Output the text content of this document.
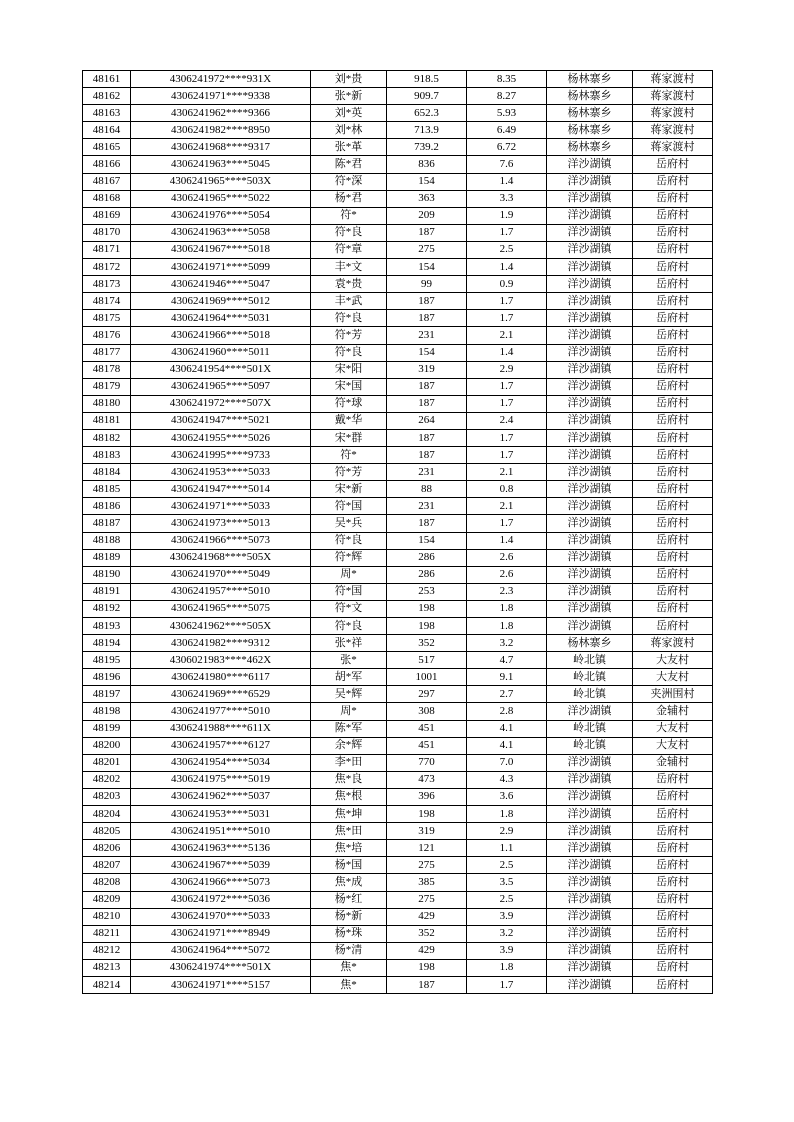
48161	4306241972****931X	刘*贵	918.5	8.35	杨林寨乡	蒋家渡村
48162	4306241971****9338	张*新	909.7	8.27	杨林寨乡	蒋家渡村
48163	4306241962****9366	刘*英	652.3	5.93	杨林寨乡	蒋家渡村
48164	4306241982****8950	刘*林	713.9	6.49	杨林寨乡	蒋家渡村
48165	4306241968****9317	张*革	739.2	6.72	杨林寨乡	蒋家渡村
48166	4306241963****5045	陈*君	836	7.6	洋沙湖镇	岳府村
48167	4306241965****503X	符*深	154	1.4	洋沙湖镇	岳府村
48168	4306241965****5022	杨*君	363	3.3	洋沙湖镇	岳府村
48169	4306241976****5054	符*	209	1.9	洋沙湖镇	岳府村
48170	4306241963****5058	符*良	187	1.7	洋沙湖镇	岳府村
48171	4306241967****5018	符*章	275	2.5	洋沙湖镇	岳府村
48172	4306241971****5099	丰*文	154	1.4	洋沙湖镇	岳府村
48173	4306241946****5047	袁*贵	99	0.9	洋沙湖镇	岳府村
48174	4306241969****5012	丰*武	187	1.7	洋沙湖镇	岳府村
48175	4306241964****5031	符*良	187	1.7	洋沙湖镇	岳府村
48176	4306241966****5018	符*芳	231	2.1	洋沙湖镇	岳府村
48177	4306241960****5011	符*良	154	1.4	洋沙湖镇	岳府村
48178	4306241954****501X	宋*阳	319	2.9	洋沙湖镇	岳府村
48179	4306241965****5097	宋*国	187	1.7	洋沙湖镇	岳府村
48180	4306241972****507X	符*球	187	1.7	洋沙湖镇	岳府村
48181	4306241947****5021	戴*华	264	2.4	洋沙湖镇	岳府村
48182	4306241955****5026	宋*群	187	1.7	洋沙湖镇	岳府村
48183	4306241995****9733	符*	187	1.7	洋沙湖镇	岳府村
48184	4306241953****5033	符*芳	231	2.1	洋沙湖镇	岳府村
48185	4306241947****5014	宋*新	88	0.8	洋沙湖镇	岳府村
48186	4306241971****5033	符*国	231	2.1	洋沙湖镇	岳府村
48187	4306241973****5013	吴*兵	187	1.7	洋沙湖镇	岳府村
48188	4306241966****5073	符*良	154	1.4	洋沙湖镇	岳府村
48189	4306241968****505X	符*辉	286	2.6	洋沙湖镇	岳府村
48190	4306241970****5049	周*	286	2.6	洋沙湖镇	岳府村
48191	4306241957****5010	符*国	253	2.3	洋沙湖镇	岳府村
48192	4306241965****5075	符*文	198	1.8	洋沙湖镇	岳府村
48193	4306241962****505X	符*良	198	1.8	洋沙湖镇	岳府村
48194	4306241982****9312	张*祥	352	3.2	杨林寨乡	蒋家渡村
48195	4306021983****462X	张*	517	4.7	岭北镇	大友村
48196	4306241980****6117	胡*军	1001	9.1	岭北镇	大友村
48197	4306241969****6529	吴*辉	297	2.7	岭北镇	夹洲围村
48198	4306241977****5010	周*	308	2.8	洋沙湖镇	金辅村
48199	4306241988****611X	陈*军	451	4.1	岭北镇	大友村
48200	4306241957****6127	余*辉	451	4.1	岭北镇	大友村
48201	4306241954****5034	李*田	770	7.0	洋沙湖镇	金辅村
48202	4306241975****5019	焦*良	473	4.3	洋沙湖镇	岳府村
48203	4306241962****5037	焦*根	396	3.6	洋沙湖镇	岳府村
48204	4306241953****5031	焦*坤	198	1.8	洋沙湖镇	岳府村
48205	4306241951****5010	焦*田	319	2.9	洋沙湖镇	岳府村
48206	4306241963****5136	焦*培	121	1.1	洋沙湖镇	岳府村
48207	4306241967****5039	杨*国	275	2.5	洋沙湖镇	岳府村
48208	4306241966****5073	焦*成	385	3.5	洋沙湖镇	岳府村
48209	4306241972****5036	杨*红	275	2.5	洋沙湖镇	岳府村
48210	4306241970****5033	杨*新	429	3.9	洋沙湖镇	岳府村
48211	4306241971****8949	杨*珠	352	3.2	洋沙湖镇	岳府村
48212	4306241964****5072	杨*清	429	3.9	洋沙湖镇	岳府村
48213	4306241974****501X	焦*	198	1.8	洋沙湖镇	岳府村
48214	4306241971****5157	焦*	187	1.7	洋沙湖镇	岳府村
